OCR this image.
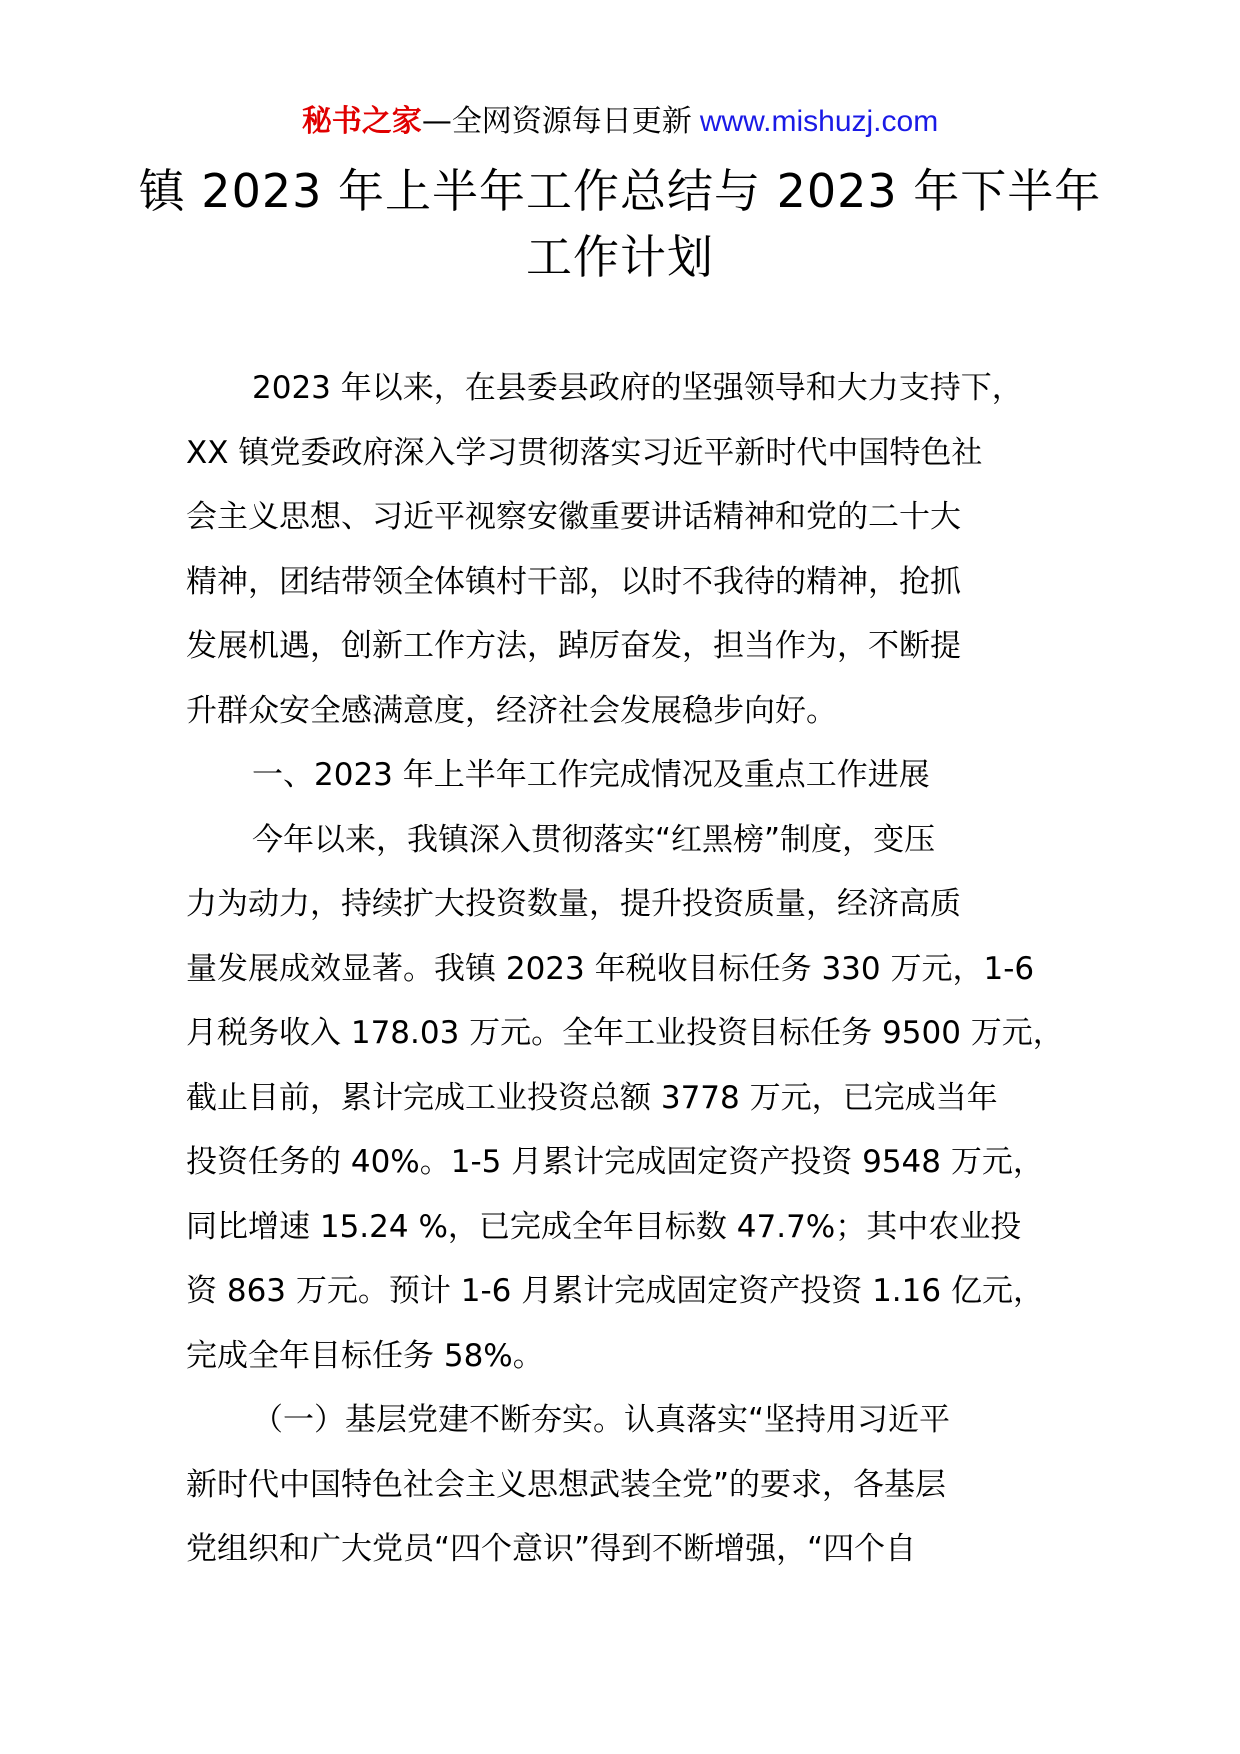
秘书之家—全网资源每日更新 www.mishuzj.com
镇 2023 年上半年工作总结与 2023 年下半年
工作计划

2023 年以来，在县委县政府的坚强领导和大力支持下，
XX 镇党委政府深入学习贯彻落实习近平新时代中国特色社
会主义思想、习近平视察安徽重要讲话精神和党的二十大
精神，团结带领全体镇村干部，以时不我待的精神，抢抓
发展机遇，创新工作方法，踔厉奋发，担当作为，不断提
升群众安全感满意度，经济社会发展稳步向好。

一、2023 年上半年工作完成情况及重点工作进展

今年以来，我镇深入贯彻落实“红黑榜”制度，变压
力为动力，持续扩大投资数量，提升投资质量，经济高质
量发展成效显著。我镇 2023 年税收目标任务 330 万元，1-6
月税务收入 178.03 万元。全年工业投资目标任务 9500 万元，
截止目前，累计完成工业投资总额 3778 万元，已完成当年
投资任务的 40%。1-5 月累计完成固定资产投资 9548 万元，
同比增速 15.24 %，已完成全年目标数 47.7%；其中农业投
资 863 万元。预计 1-6 月累计完成固定资产投资 1.16 亿元，
完成全年目标任务 58%。

（一）基层党建不断夯实。认真落实“坚持用习近平
新时代中国特色社会主义思想武装全党”的要求，各基层
党组织和广大党员“四个意识”得到不断增强，“四个自
